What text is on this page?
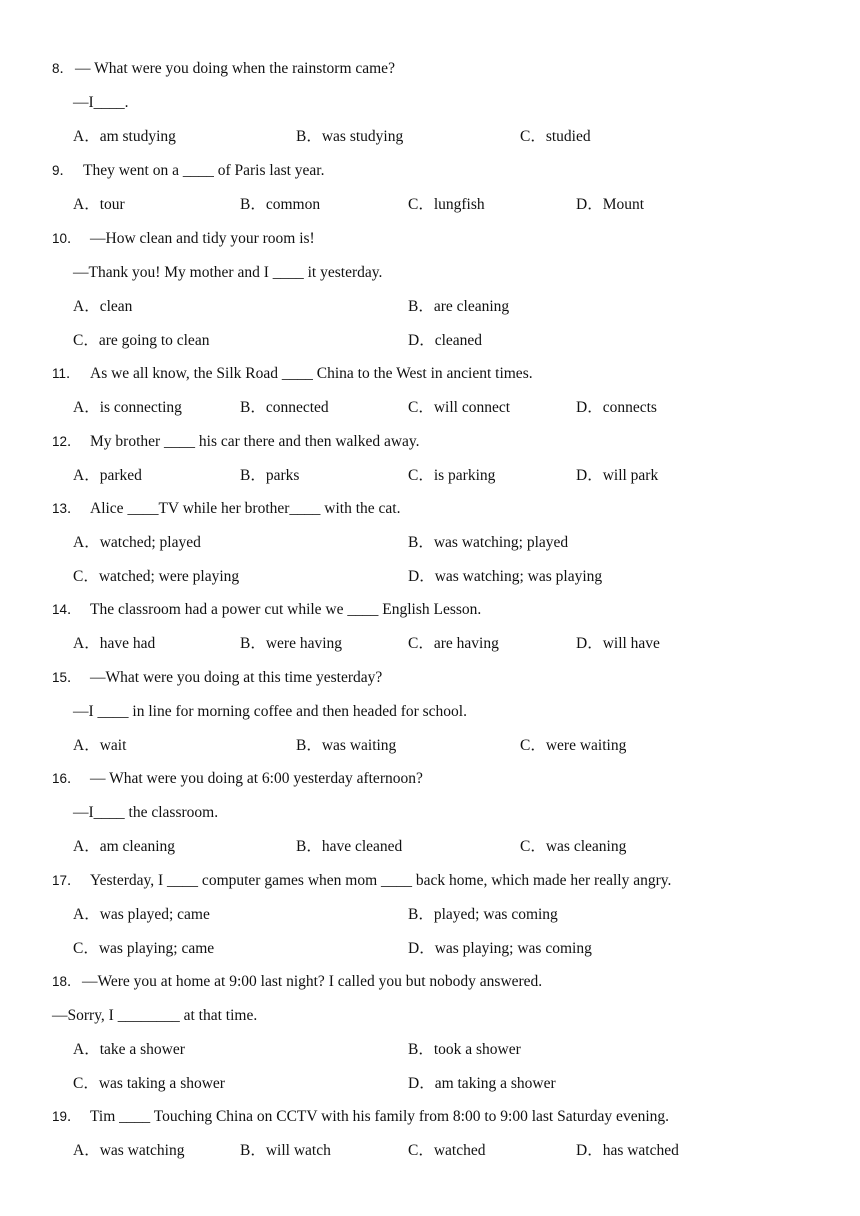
8． — What were you doing when the rainstorm came?
—I____.
A．am studying	B．was studying	C．studied
9． They went on a ____ of Paris last year.
A．tour	B．common	C．lungfish	D．Mount
10． —How clean and tidy your room is!
—Thank you! My mother and I ____ it yesterday.
A．clean	B．are cleaning
C．are going to clean	D．cleaned
11． As we all know, the Silk Road ____ China to the West in ancient times.
A．is connecting	B．connected	C．will connect	D．connects
12． My brother ____ his car there and then walked away.
A．parked	B．parks	C．is parking	D．will park
13． Alice ____TV while her brother____ with the cat.
A．watched; played	B．was watching; played
C．watched; were playing	D．was watching; was playing
14． The classroom had a power cut while we ____ English Lesson.
A．have had	B．were having	C．are having	D．will have
15． —What were you doing at this time yesterday?
—I ____ in line for morning coffee and then headed for school.
A．wait	B．was waiting	C．were waiting
16． — What were you doing at 6:00 yesterday afternoon?
—I____ the classroom.
A．am cleaning	B．have cleaned	C．was cleaning
17． Yesterday, I ____ computer games when mom ____ back home, which made her really angry.
A．was played; came	B．played; was coming
C．was playing; came	D．was playing; was coming
18． —Were you at home at 9:00 last night? I called you but nobody answered.
—Sorry, I ________ at that time.
A．take a shower	B．took a shower
C．was taking a shower	D．am taking a shower
19． Tim ____ Touching China on CCTV with his family from 8:00 to 9:00 last Saturday evening.
A．was watching	B．will watch	C．watched	D．has watched
